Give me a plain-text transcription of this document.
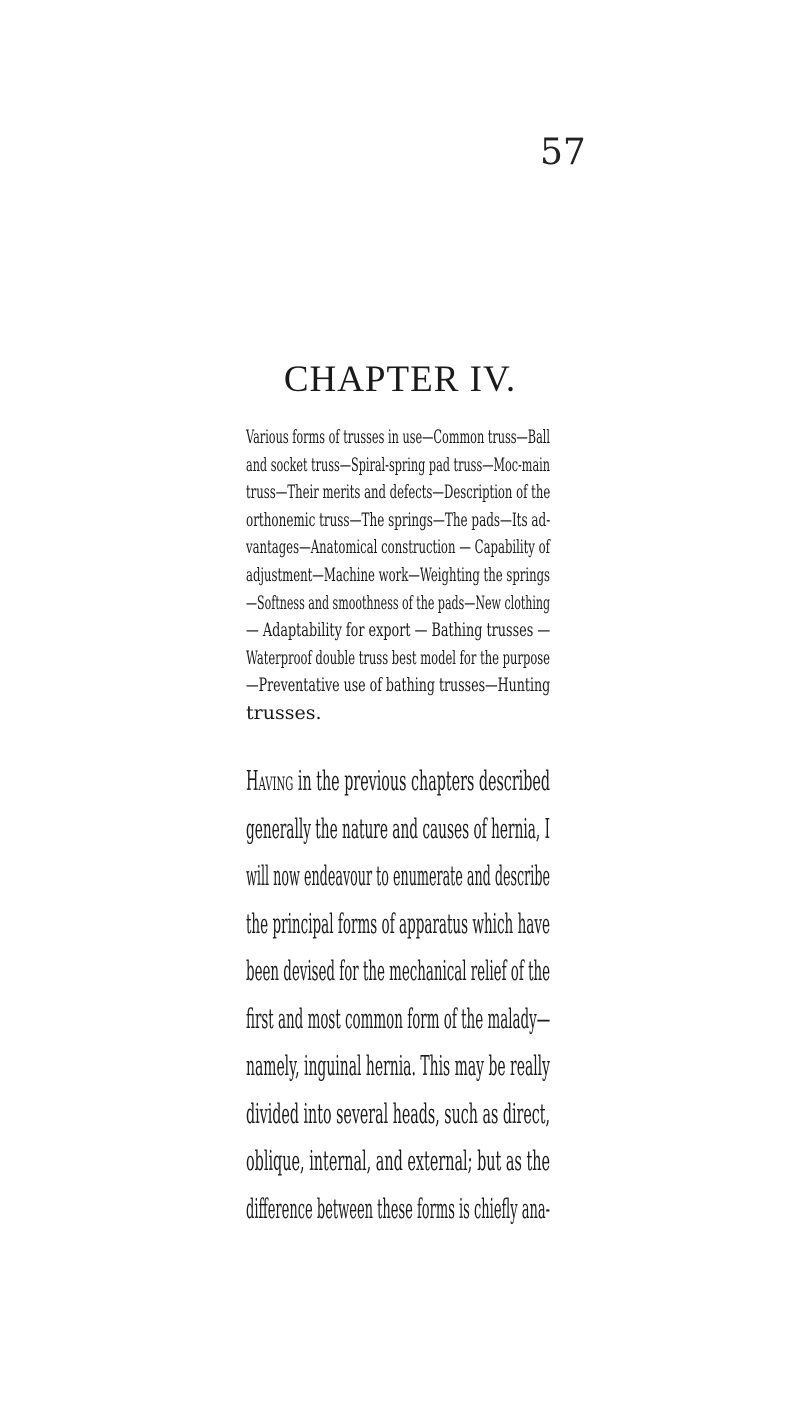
57
CHAPTER IV.
Various forms of trusses in use—Common truss—Ball
and socket truss—Spiral-spring pad truss—Moc-main
truss—Their merits and defects—Description of the
orthonemic truss—The springs—The pads—Its ad-
vantages—Anatomical construction — Capability of
adjustment—Machine work—Weighting the springs
—Softness and smoothness of the pads—New clothing
— Adaptability for export — Bathing trusses —
Waterproof double truss best model for the purpose
—Preventative use of bathing trusses—Hunting
trusses.
Having in the previous chapters described
generally the nature and causes of hernia, I
will now endeavour to enumerate and describe
the principal forms of apparatus which have
been devised for the mechanical relief of the
first and most common form of the malady—
namely, inguinal hernia. This may be really
divided into several heads, such as direct,
oblique, internal, and external; but as the
difference between these forms is chiefly ana-
